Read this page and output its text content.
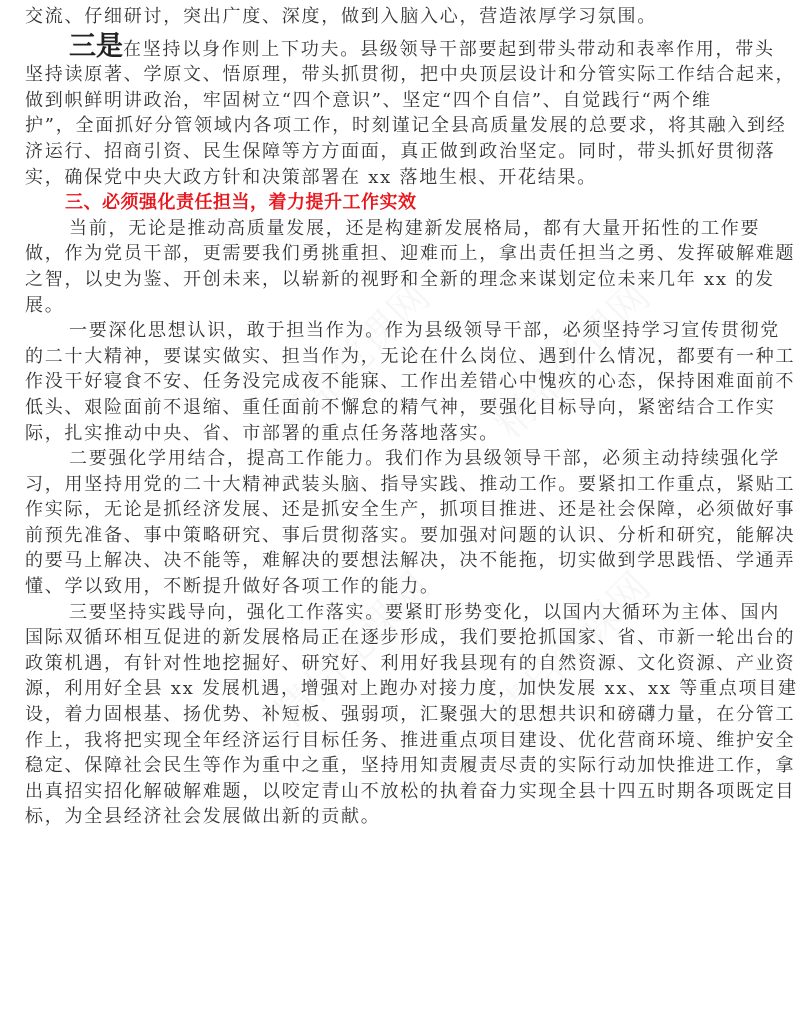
交流、仔细研讨，突出广度、深度，做到入脑入心，营造浓厚学习氛围。
三是在坚持以身作则上下功夫。县级领导干部要起到带头带动和表率作用，带头
坚持读原著、学原文、悟原理，带头抓贯彻，把中央顶层设计和分管实际工作结合起来，
做到帜鲜明讲政治，牢固树立“四个意识”、坚定“四个自信”、自觉践行“两个维
护”，全面抓好分管领域内各项工作，时刻谨记全县高质量发展的总要求，将其融入到经
济运行、招商引资、民生保障等方方面面，真正做到政治坚定。同时，带头抓好贯彻落
实，确保党中央大政方针和决策部署在 xx 落地生根、开花结果。
三、必须强化责任担当，着力提升工作实效
当前，无论是推动高质量发展，还是构建新发展格局，都有大量开拓性的工作要
做，作为党员干部，更需要我们勇挑重担、迎难而上，拿出责任担当之勇、发挥破解难题
之智，以史为鉴、开创未来，以崭新的视野和全新的理念来谋划定位未来几年 xx 的发
展。
一要深化思想认识，敢于担当作为。作为县级领导干部，必须坚持学习宣传贯彻党
的二十大精神，要谋实做实、担当作为，无论在什么岗位、遇到什么情况，都要有一种工
作没干好寝食不安、任务没完成夜不能寐、工作出差错心中愧疚的心态，保持困难面前不
低头、艰险面前不退缩、重任面前不懈怠的精气神，要强化目标导向，紧密结合工作实
际，扎实推动中央、省、市部署的重点任务落地落实。
二要强化学用结合，提高工作能力。我们作为县级领导干部，必须主动持续强化学
习，用坚持用党的二十大精神武装头脑、指导实践、推动工作。要紧扣工作重点，紧贴工
作实际，无论是抓经济发展、还是抓安全生产，抓项目推进、还是社会保障，必须做好事
前预先准备、事中策略研究、事后贯彻落实。要加强对问题的认识、分析和研究，能解决
的要马上解决、决不能等，难解决的要想法解决，决不能拖，切实做到学思践悟、学通弄
懂、学以致用，不断提升做好各项工作的能力。
三要坚持实践导向，强化工作落实。要紧盯形势变化，以国内大循环为主体、国内
国际双循环相互促进的新发展格局正在逐步形成，我们要抢抓国家、省、市新一轮出台的
政策机遇，有针对性地挖掘好、研究好、利用好我县现有的自然资源、文化资源、产业资
源，利用好全县 xx 发展机遇，增强对上跑办对接力度，加快发展 xx、xx 等重点项目建
设，着力固根基、扬优势、补短板、强弱项，汇聚强大的思想共识和磅礴力量，在分管工
作上，我将把实现全年经济运行目标任务、推进重点项目建设、优化营商环境、维护安全
稳定、保障社会民生等作为重中之重，坚持用知责履责尽责的实际行动加快推进工作，拿
出真招实招化解破解难题，以咬定青山不放松的执着奋力实现全县十四五时期各项既定目
标，为全县经济社会发展做出新的贡献。
